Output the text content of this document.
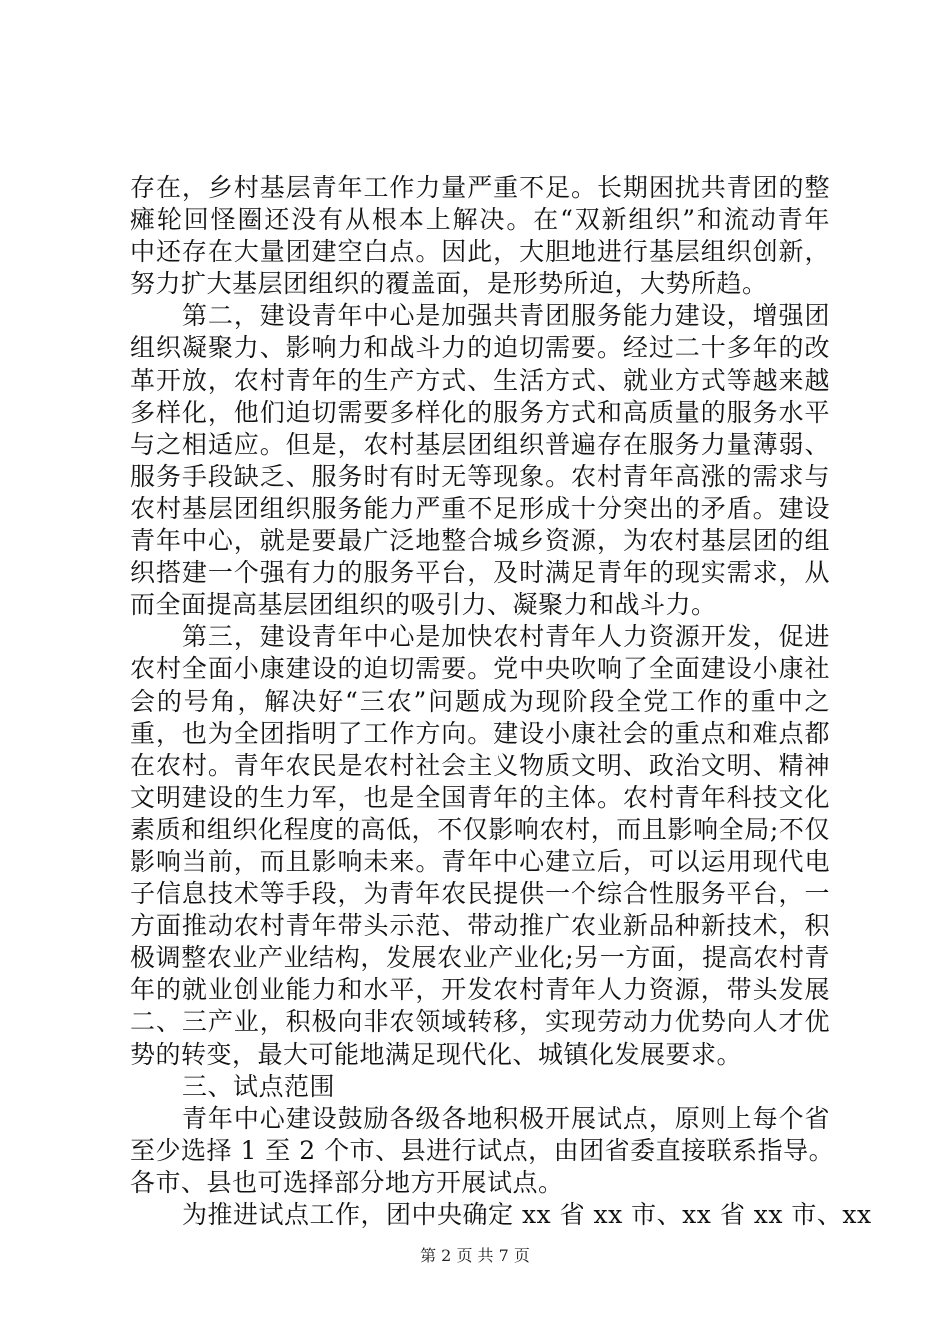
存在，乡村基层青年工作力量严重不足。长期困扰共青团的整
瘫轮回怪圈还没有从根本上解决。在“双新组织”和流动青年
中还存在大量团建空白点。因此，大胆地进行基层组织创新，
努力扩大基层团组织的覆盖面，是形势所迫，大势所趋。
第二，建设青年中心是加强共青团服务能力建设，增强团
组织凝聚力、影响力和战斗力的迫切需要。经过二十多年的改
革开放，农村青年的生产方式、生活方式、就业方式等越来越
多样化，他们迫切需要多样化的服务方式和高质量的服务水平
与之相适应。但是，农村基层团组织普遍存在服务力量薄弱、
服务手段缺乏、服务时有时无等现象。农村青年高涨的需求与
农村基层团组织服务能力严重不足形成十分突出的矛盾。建设
青年中心，就是要最广泛地整合城乡资源，为农村基层团的组
织搭建一个强有力的服务平台，及时满足青年的现实需求，从
而全面提高基层团组织的吸引力、凝聚力和战斗力。
第三，建设青年中心是加快农村青年人力资源开发，促进
农村全面小康建设的迫切需要。党中央吹响了全面建设小康社
会的号角，解决好“三农”问题成为现阶段全党工作的重中之
重，也为全团指明了工作方向。建设小康社会的重点和难点都
在农村。青年农民是农村社会主义物质文明、政治文明、精神
文明建设的生力军，也是全国青年的主体。农村青年科技文化
素质和组织化程度的高低，不仅影响农村，而且影响全局;不仅
影响当前，而且影响未来。青年中心建立后，可以运用现代电
子信息技术等手段，为青年农民提供一个综合性服务平台，一
方面推动农村青年带头示范、带动推广农业新品种新技术，积
极调整农业产业结构，发展农业产业化;另一方面，提高农村青
年的就业创业能力和水平，开发农村青年人力资源，带头发展
二、三产业，积极向非农领域转移，实现劳动力优势向人才优
势的转变，最大可能地满足现代化、城镇化发展要求。
三、试点范围
青年中心建设鼓励各级各地积极开展试点，原则上每个省
至少选择 1 至 2 个市、县进行试点，由团省委直接联系指导。
各市、县也可选择部分地方开展试点。
为推进试点工作，团中央确定 xx 省 xx 市、xx 省 xx 市、xx
第 2 页 共 7 页
